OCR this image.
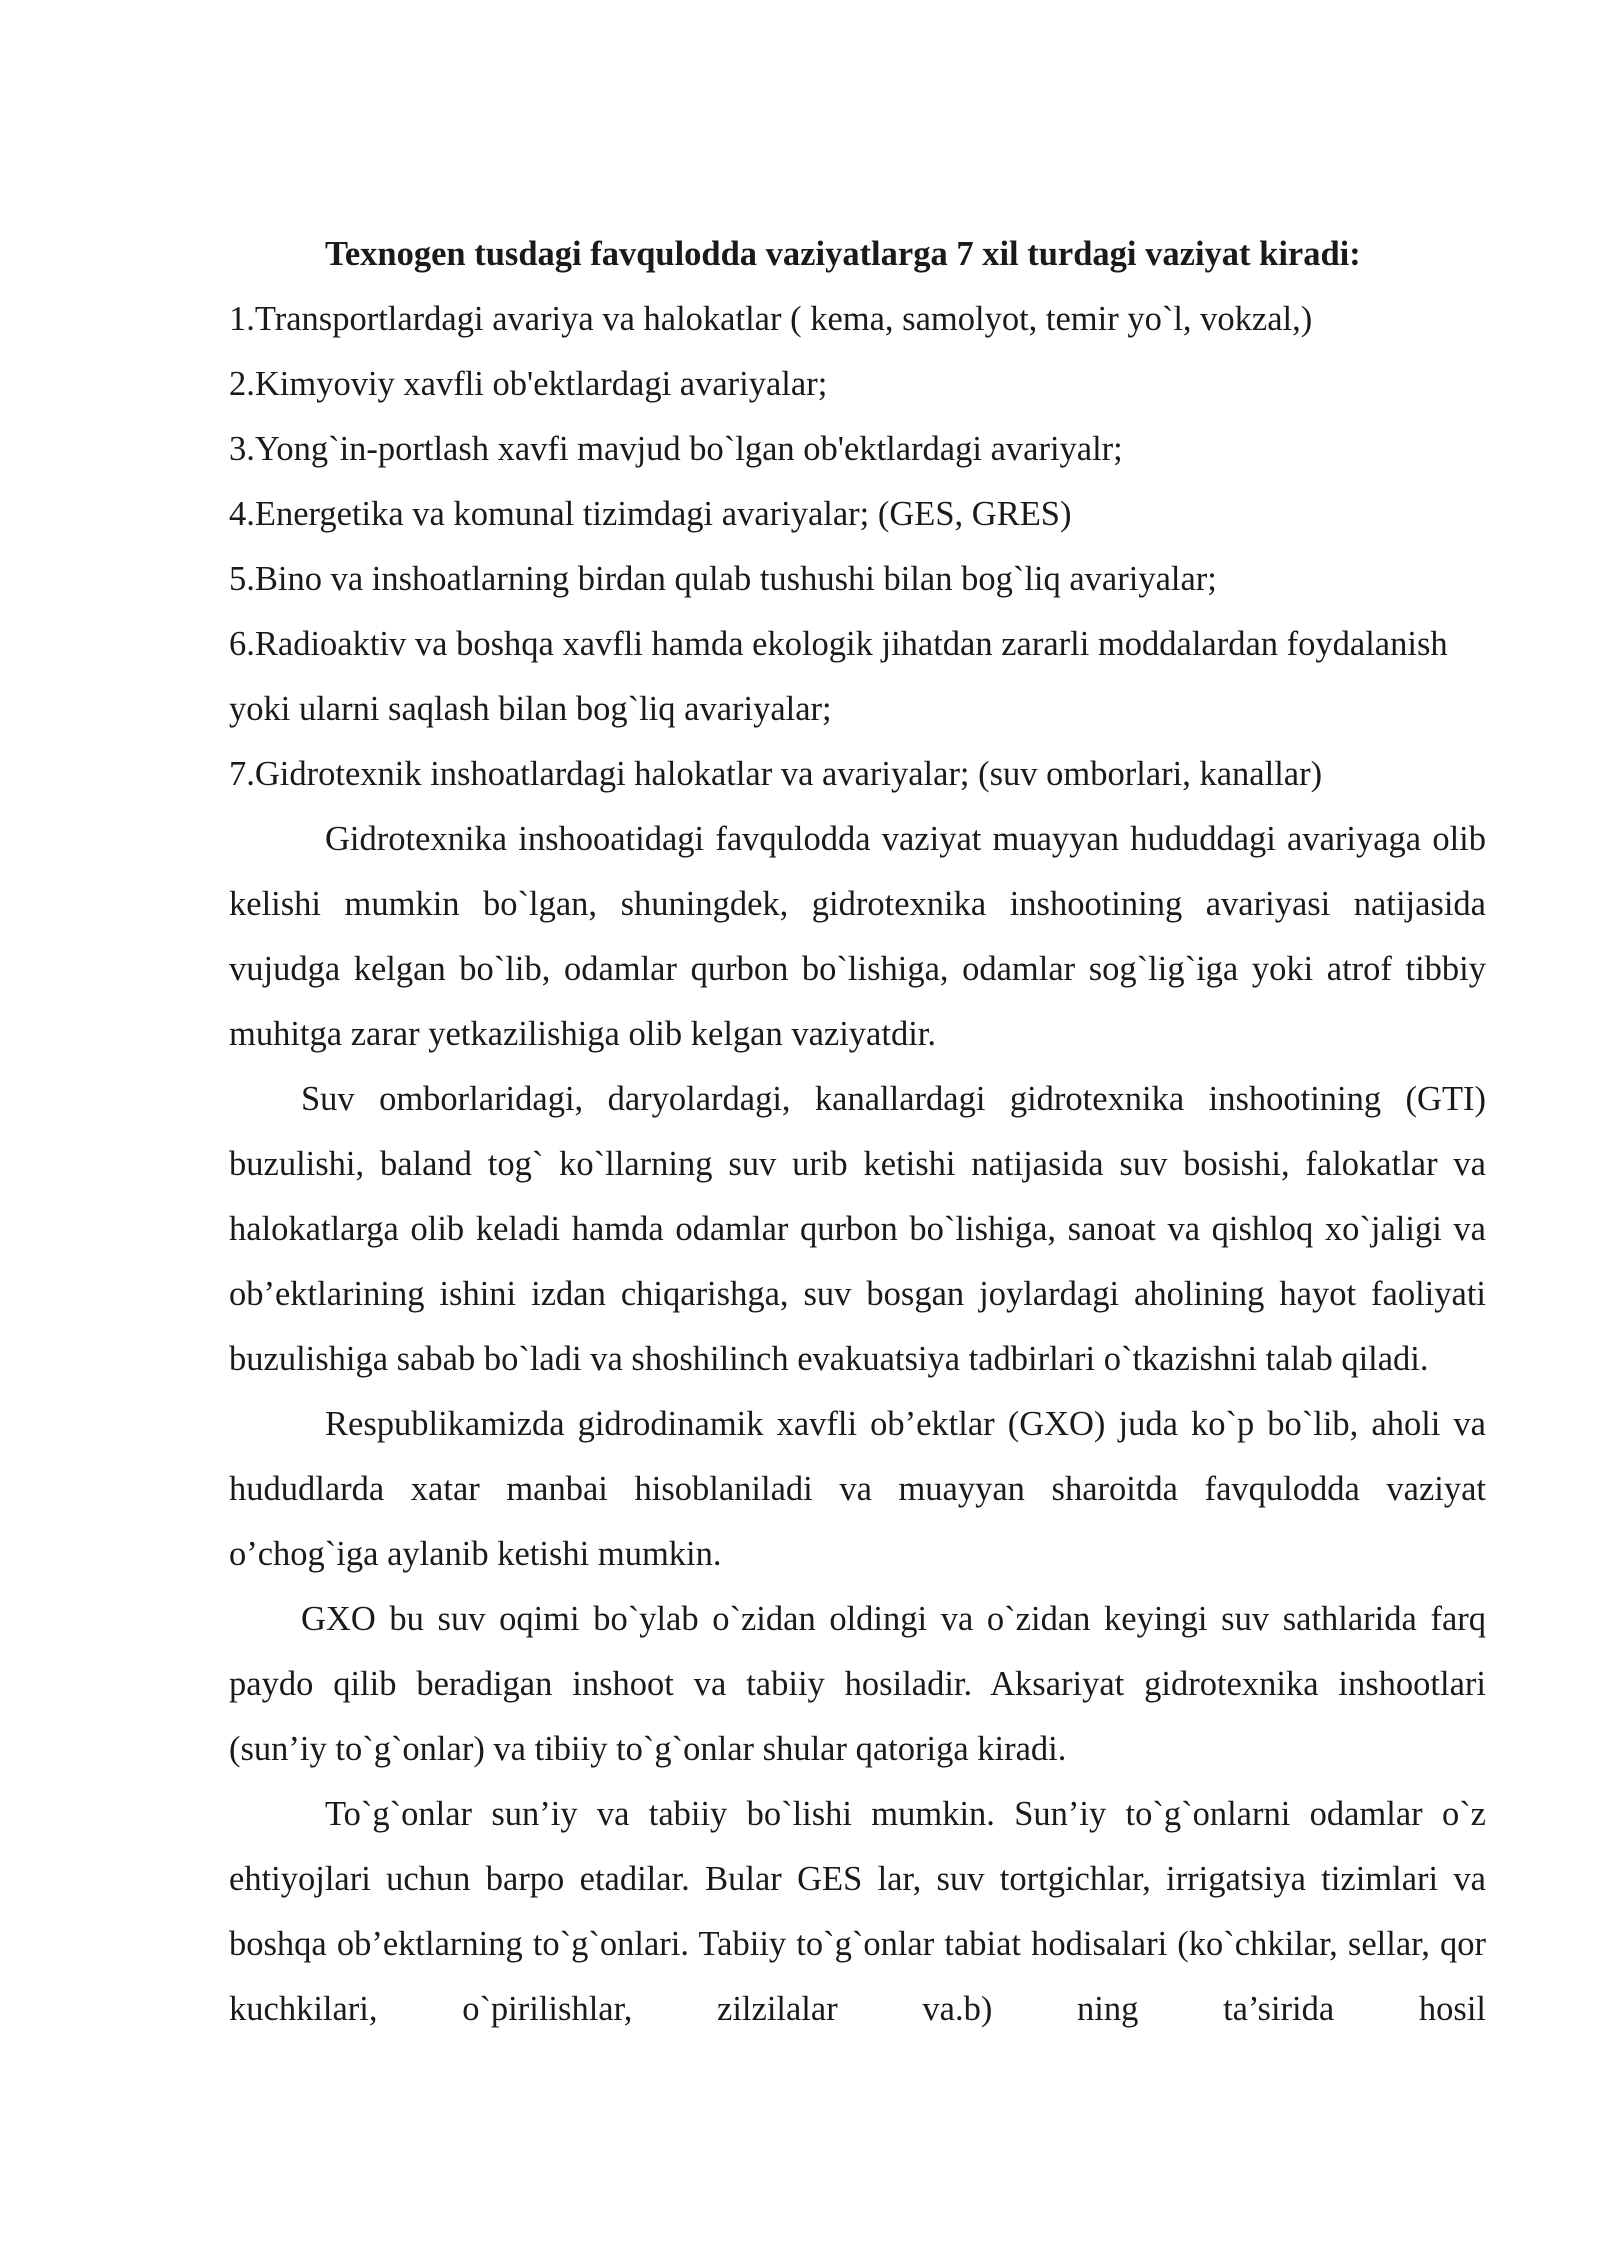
Texnogen tusdagi favqulodda vaziyatlarga 7 xil turdagi vaziyat kiradi:
1.Transportlardagi avariya va halokatlar ( kema, samolyot, temir yo`l, vokzal,)
2.Kimyoviy xavfli ob'ektlardagi avariyalar;
3.Yong`in-portlash xavfi mavjud bo`lgan ob'ektlardagi avariyalr;
4.Energetika va komunal tizimdagi avariyalar; (GES, GRES)
5.Bino va inshoatlarning birdan qulab tushushi bilan bog`liq avariyalar;
6.Radioaktiv va boshqa xavfli hamda ekologik jihatdan zararli moddalardan foydalanish yoki ularni saqlash bilan bog`liq avariyalar;
7.Gidrotexnik inshoatlardagi halokatlar va avariyalar; (suv omborlari, kanallar)

Gidrotexnika inshooatidagi favqulodda vaziyat muayyan hududdagi avariyaga olib kelishi mumkin bo`lgan, shuningdek, gidrotexnika inshootining avariyasi natijasida vujudga kelgan bo`lib, odamlar qurbon bo`lishiga, odamlar sog`lig`iga yoki atrof tibbiy muhitga zarar yetkazilishiga olib kelgan vaziyatdir.

Suv omborlaridagi, daryolardagi, kanallardagi gidrotexnika inshootining (GTI) buzulishi, baland tog` ko`llarning suv urib ketishi natijasida suv bosishi, falokatlar va halokatlarga olib keladi hamda odamlar qurbon bo`lishiga, sanoat va qishloq xo`jaligi va ob’ektlarining ishini izdan chiqarishga, suv bosgan joylardagi aholining hayot faoliyati buzulishiga sabab bo`ladi va shoshilinch evakuatsiya tadbirlari o`tkazishni talab qiladi.

Respublikamizda gidrodinamik xavfli ob’ektlar (GXO) juda ko`p bo`lib, aholi va hududlarda xatar manbai hisoblaniladi va muayyan sharoitda favqulodda vaziyat o’chog`iga aylanib ketishi mumkin.

GXO bu suv oqimi bo`ylab o`zidan oldingi va o`zidan keyingi suv sathlarida farq paydo qilib beradigan inshoot va tabiiy hosiladir. Aksariyat gidrotexnika inshootlari (sun’iy to`g`onlar) va tibiiy to`g`onlar shular qatoriga kiradi.

To`g`onlar sun’iy va tabiiy bo`lishi mumkin. Sun’iy to`g`onlarni odamlar o`z ehtiyojlari uchun barpo etadilar. Bular GES lar, suv tortgichlar, irrigatsiya tizimlari va boshqa ob’ektlarning to`g`onlari. Tabiiy to`g`onlar tabiat hodisalari (ko`chkilar, sellar, qor kuchkilari, o`pirilishlar, zilzilalar va.b) ning ta’sirida hosil
